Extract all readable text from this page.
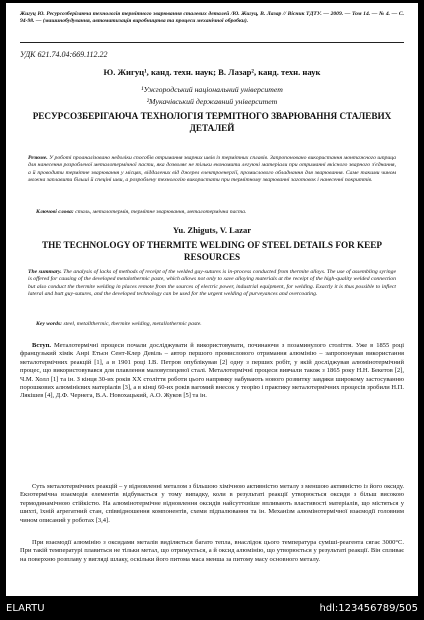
Жигуц Ю. Ресурсозберігаюча технологія термітного зварювання сталевих деталей /Ю. Жигуц, В. Лазар // Вісник ТДТУ. — 2009. — Том 14. — № 4. — С. 94-98. — (машинобудування, автоматизація виробництва та процеси механічної обробки).
УДК 621.74.04:669.112.22
Ю. Жигуц¹, канд. техн. наук; В. Лазар², канд. техн. наук
¹Ужгородський національний університет
²Мукачівський державний університет
РЕСУРСОЗБЕРІГАЮЧА ТЕХНОЛОГІЯ ТЕРМІТНОГО ЗВАРЮВАННЯ СТАЛЕВИХ ДЕТАЛЕЙ
Резюме. У роботі проаналізовано недоліки способів отримання зварних швів із термітних сплавів. Запропоновано використання монтажного шприца для нанесення розробленої металотермічної пасти, яка дозволяє не тільки економити легуючі матеріали при отриманні якісного зварного з'єднання, а й проводити термітне зварювання у місцях, віддалених від джерел електроенергії, промислового обладнання для зварювання. Саме такими чином можна заплавити більші й спеціні шви, а розроблену технологію використати при термітному зварюванні заготовок і нанесенні покриттів.
Ключові слова: сталь, металотермія, термітне зварювання, металотермічна паста.
Yu. Zhiguts, V. Lazar
THE TECHNOLOGY OF THERMITE WELDING OF STEEL DETAILS FOR KEEP RESOURCES
The summary. The analysis of lacks of methods of receipt of the welded guy-sutures is in-process conducted from thermite alloys. The use of assembling syringe is offered for causing of the developed metalothermic paste, which allows not only to save alloying materials at the receipt of the high-quality welded connection but also conduct the thermite welding in places remote from the sources of electric power, industrial equipment, for welding. Exactly it is thus possible to inflect lateral and butt guy-sutures, and the developed technology can be used for the urgent welding of purveyances and overcoating.
Key words: steel, metallthermic, thermite welding, metallothermic paste.
Вступ. Металотермічні процеси почали досліджувати й використовувати, починаючи з позаминулого століття. Уже в 1855 році французький хімік Анрі Етьєн Сент-Клер Девіль – автор першого промислового отримання алюмінію – запропонував використання металотермічних реакцій [1], а в 1901 році І.В. Петров опублікував [2] одну з перших робіт, у якій досліджував алюмінотермічний процес, що використовувався для плавлення маловуглецевої сталі. Металотермічні процеси вивчали також з 1865 року Н.Н. Бекетов [2], Ч.М. Холл [1] та ін. З кінця 30-их років ХХ століття роботи цього напрямку набувають нового розвитку завдяки широкому застосуванню порошкових алюмінієвих матеріалів [3], а в кінці 60-их років вагомий внесок у теорію і практику металотермічних процесів зробили Н.П. Лякішев [4], Д.Ф. Чернега, В.А. Новохацький, А.О. Жуков [5] та ін.
Суть металотермічних реакцій – у відновленні металом з більшою хімічною активністю металу з меншою активністю із його оксиду. Екзотермічна взаємодія елементів відбувається у тому випадку, коли в результаті реакції утворюється оксиди з більш високою термодинамічною стійкістю. На алюмінотермічне відновлення оксидів найсуттєвіше впливають властивості матеріалів, що містяться у шихті, їхній агрегатний стан, співвідношення компонентів, схеми підпалювання та ін. Механізм алюмінотермічної взаємодії головним чином описаний у роботах [3,4].
При взаємодії алюмінію з оксидами металів виділяється багато тепла, внаслідок цього температура суміші-реагента сягає 3000°С. При такій температурі плавиться не тільки метал, що отримується, а й оксид алюмінію, що утворюється у результаті реакції. Він спливає на поверхню розплаву у вигляді шлаку, оскільки його питома маса менша за питому масу основного металу.
ELARTU	hdl:123456789/505
